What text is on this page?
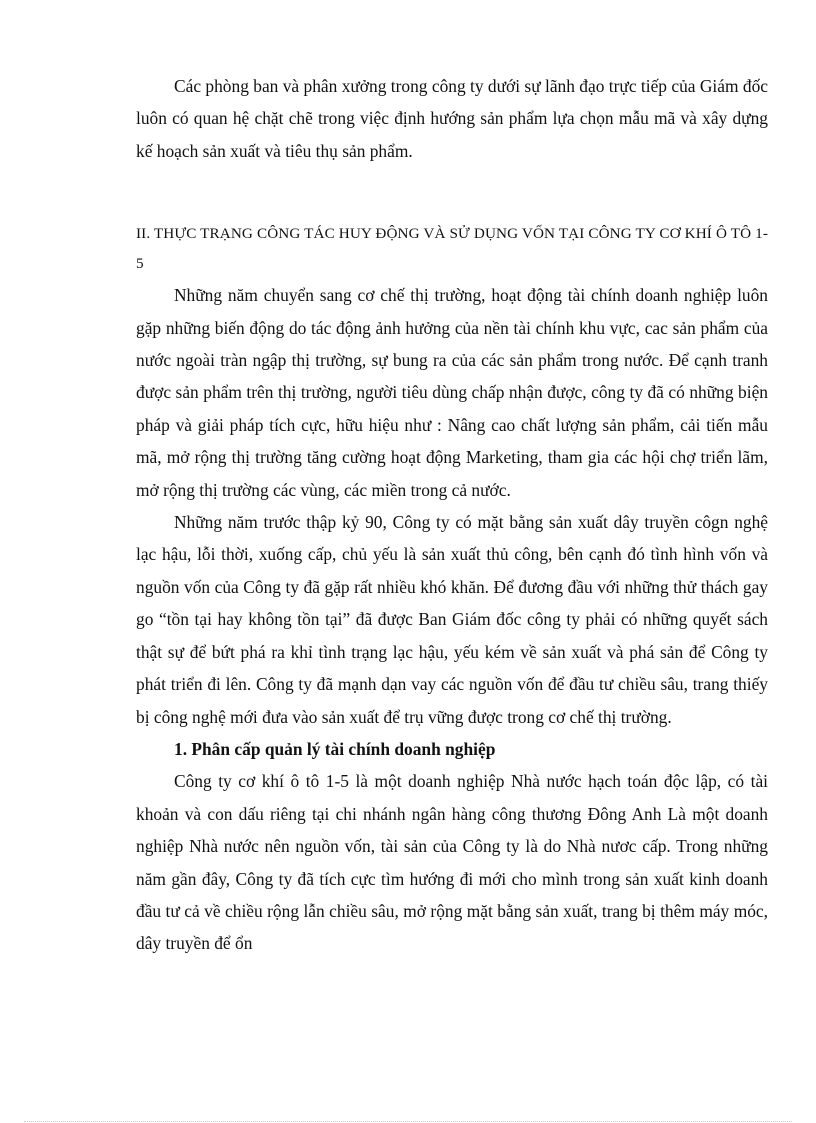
Các phòng ban và phân xưởng trong công ty dưới sự lãnh đạo trực tiếp của Giám đốc luôn có quan hệ chặt chẽ trong việc định hướng sản phẩm lựa chọn mẫu mã và xây dựng kế hoạch sản xuất và tiêu thụ sản phẩm.

II. THỰC TRẠNG CÔNG TÁC HUY ĐỘNG VÀ SỬ DỤNG VỐN TẠI CÔNG TY CƠ KHÍ Ô TÔ 1-5

Những năm chuyển sang cơ chế thị trường, hoạt động tài chính doanh nghiệp luôn gặp những biến động do tác động ảnh hưởng của nền tài chính khu vực, cac sản phẩm của nước ngoài tràn ngập thị trường, sự bung ra của các sản phẩm trong nước. Để cạnh tranh được sản phẩm trên thị trường, người tiêu dùng chấp nhận được, công ty đã có những biện pháp và giải pháp tích cực, hữu hiệu như : Nâng cao chất lượng sản phẩm, cải tiến mẫu mã, mở rộng thị trường tăng cường hoạt động Marketing, tham gia các hội chợ triển lãm, mở rộng thị trường các vùng, các miền trong cả nước.

Những năm trước thập kỷ 90, Công ty có mặt bằng sản xuất dây truyền côgn nghệ lạc hậu, lỗi thời, xuống cấp, chủ yếu là sản xuất thủ công, bên cạnh đó tình hình vốn và nguồn vốn của Công ty đã gặp rất nhiều khó khăn. Để đương đầu với những thử thách gay go “tồn tại hay không tồn tại” đã được Ban Giám đốc công ty phải có những quyết sách thật sự để bứt phá ra khỉ tình trạng lạc hậu, yếu kém về sản xuất và phá sản để Công ty phát triển đi lên. Công ty đã mạnh dạn vay các nguồn vốn để đầu tư chiều sâu, trang thiếy bị công nghệ mới đưa vào sản xuất để trụ vững được trong cơ chế thị trường.

1. Phân cấp quản lý tài chính doanh nghiệp

Công ty cơ khí ô tô 1-5 là một doanh nghiệp Nhà nước hạch toán độc lập, có tài khoản và con dấu riêng tại chi nhánh ngân hàng công thương Đông Anh Là một doanh nghiệp Nhà nước nên nguồn vốn, tài sản của Công ty là do Nhà nươc cấp. Trong những năm gần đây, Công ty đã tích cực tìm hướng đi mới cho mình trong sản xuất kinh doanh đầu tư cả về chiều rộng lẫn chiều sâu, mở rộng mặt bằng sản xuất, trang bị thêm máy móc, dây truyền để ổn
